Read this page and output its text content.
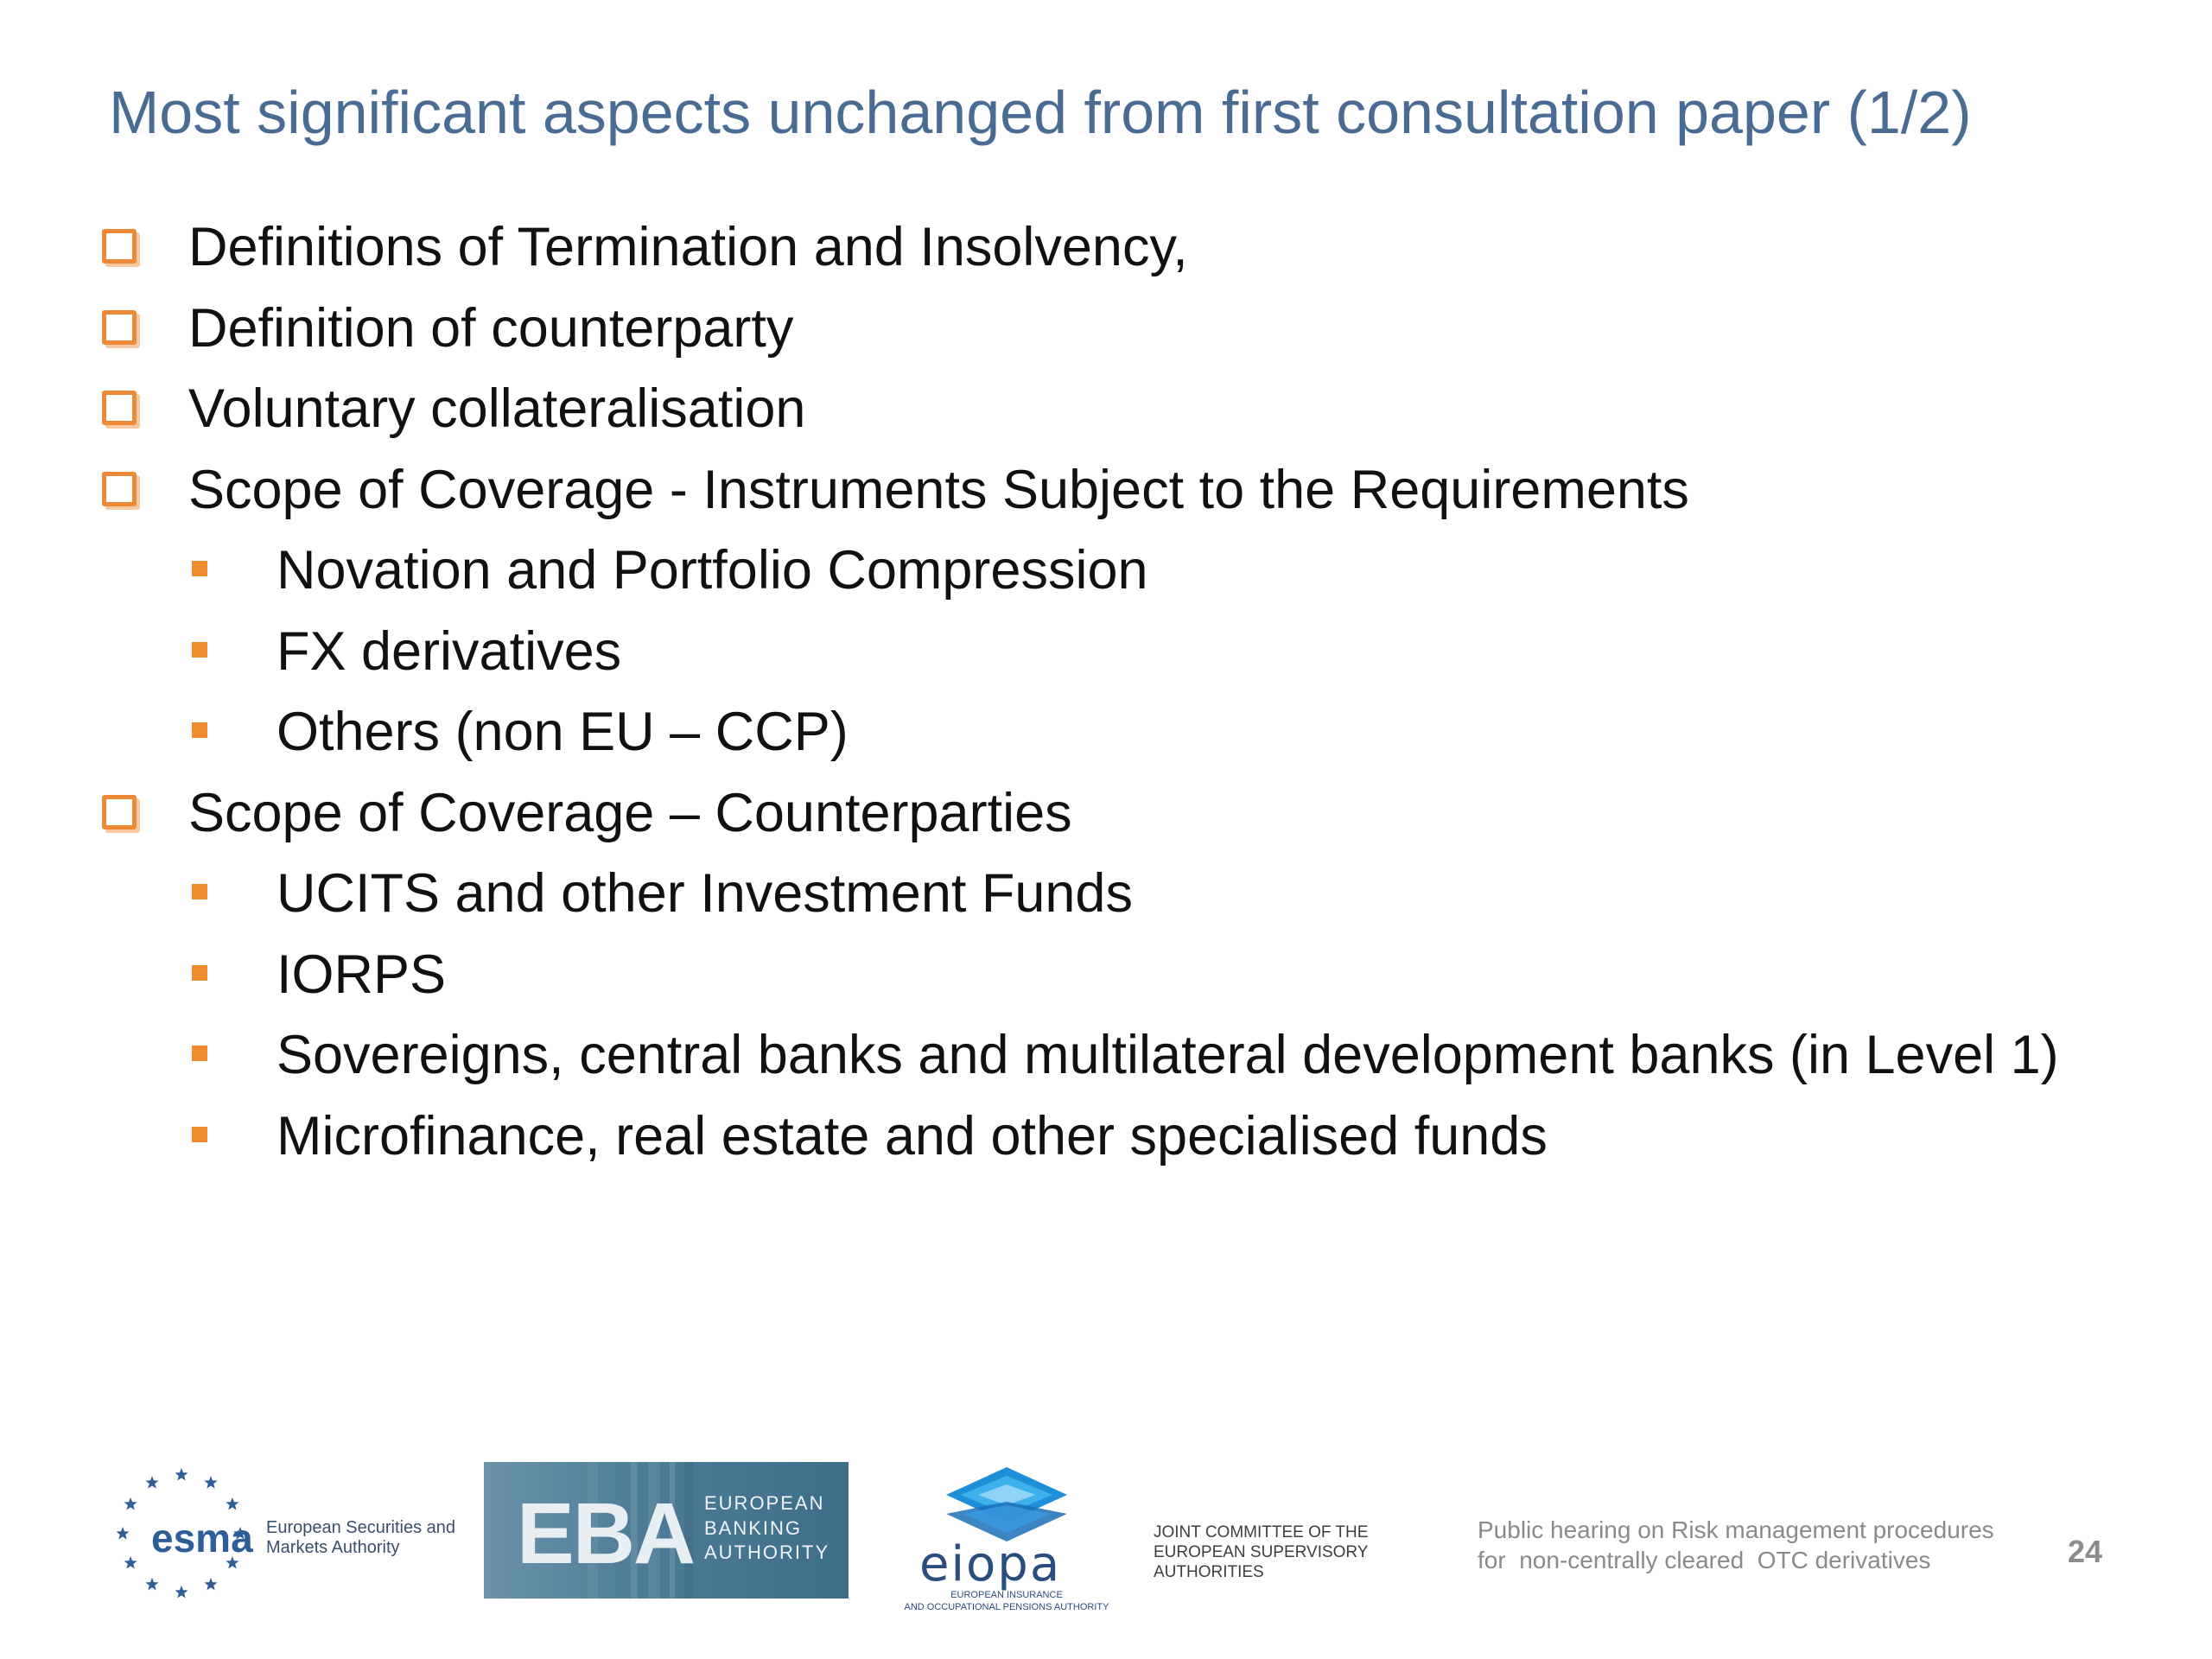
Most significant aspects unchanged from first consultation paper (1/2)
Definitions of Termination and Insolvency,
Definition of counterparty
Voluntary collateralisation
Scope of Coverage - Instruments Subject to the Requirements
Novation and Portfolio Compression
FX derivatives
Others (non EU – CCP)
Scope of Coverage – Counterparties
UCITS and other Investment Funds
IORPS
Sovereigns, central banks and multilateral development banks (in Level 1)
Microfinance, real estate and other specialised funds
esma European Securities and Markets Authority	EBA EUROPEAN
BANKING
AUTHORITY eiopa
EUROPEAN INSURANCE
AND OCCUPATIONAL PENSIONS AUTHORITY
JOINT COMMITTEE OF THE EUROPEAN SUPERVISORY AUTHORITIES
Public hearing on Risk management procedures
for  non-centrally cleared  OTC derivatives	24
